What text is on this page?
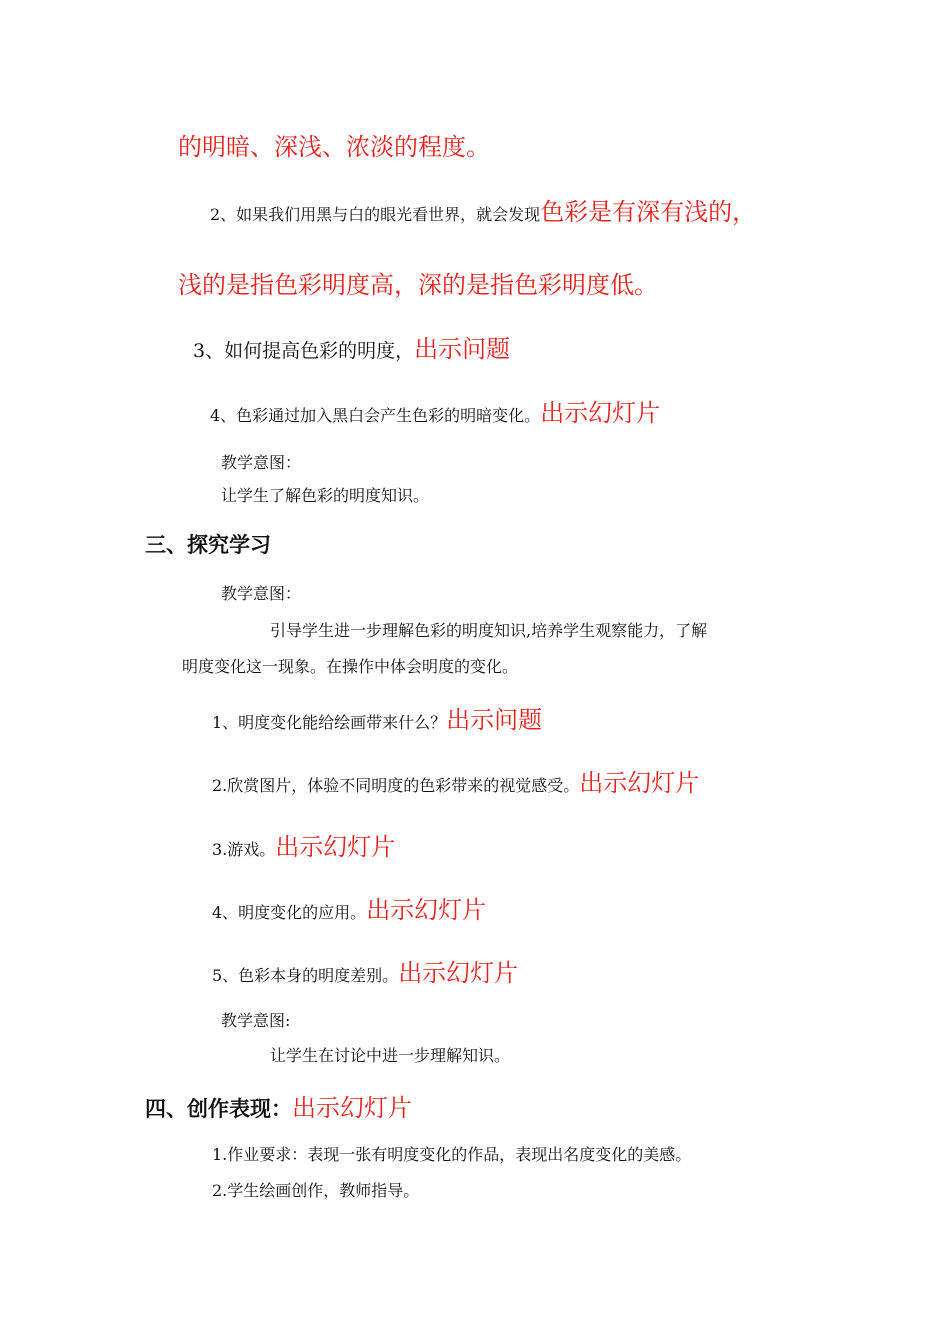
的明暗、深浅、浓淡的程度。
2、如果我们用黑与白的眼光看世界，就会发现色彩是有深有浅的，
浅的是指色彩明度高，深的是指色彩明度低。
3、如何提高色彩的明度，出示问题
4、色彩通过加入黑白会产生色彩的明暗变化。出示幻灯片
教学意图：
让学生了解色彩的明度知识。
三、探究学习
教学意图：
引导学生进一步理解色彩的明度知识,培养学生观察能力，了解
明度变化这一现象。在操作中体会明度的变化。
1、明度变化能给绘画带来什么？出示问题
2.欣赏图片，体验不同明度的色彩带来的视觉感受。出示幻灯片
3.游戏。出示幻灯片
4、明度变化的应用。出示幻灯片
5、色彩本身的明度差别。出示幻灯片
教学意图:
让学生在讨论中进一步理解知识。
四、创作表现：出示幻灯片
1.作业要求：表现一张有明度变化的作品，表现出名度变化的美感。
2.学生绘画创作，教师指导。
